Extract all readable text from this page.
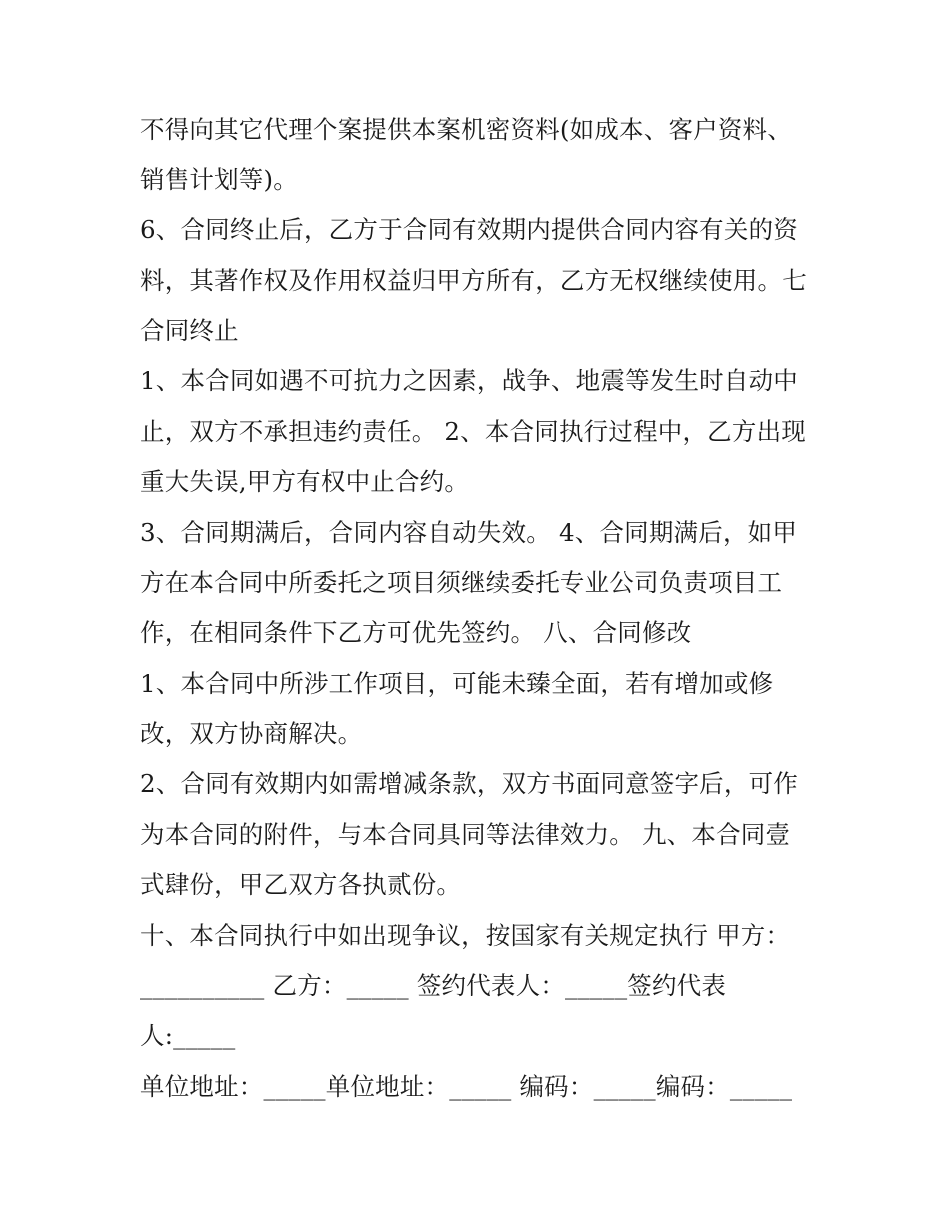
不得向其它代理个案提供本案机密资料(如成本、客户资料、
销售计划等)。
6、合同终止后，乙方于合同有效期内提供合同内容有关的资
料，其著作权及作用权益归甲方所有，乙方无权继续使用。七
合同终止
1、本合同如遇不可抗力之因素，战争、地震等发生时自动中
止，双方不承担违约责任。 2、本合同执行过程中，乙方出现
重大失误,甲方有权中止合约。
3、合同期满后，合同内容自动失效。 4、合同期满后，如甲
方在本合同中所委托之项目须继续委托专业公司负责项目工
作，在相同条件下乙方可优先签约。 八、合同修改
1、本合同中所涉工作项目，可能未臻全面，若有增加或修
改，双方协商解决。
2、合同有效期内如需增减条款，双方书面同意签字后，可作
为本合同的附件，与本合同具同等法律效力。 九、本合同壹
式肆份，甲乙双方各执贰份。
十、本合同执行中如出现争议，按国家有关规定执行 甲方：
__________ 乙方：_____ 签约代表人：_____签约代表
人:_____
单位地址：_____单位地址：_____ 编码：_____编码：_____
